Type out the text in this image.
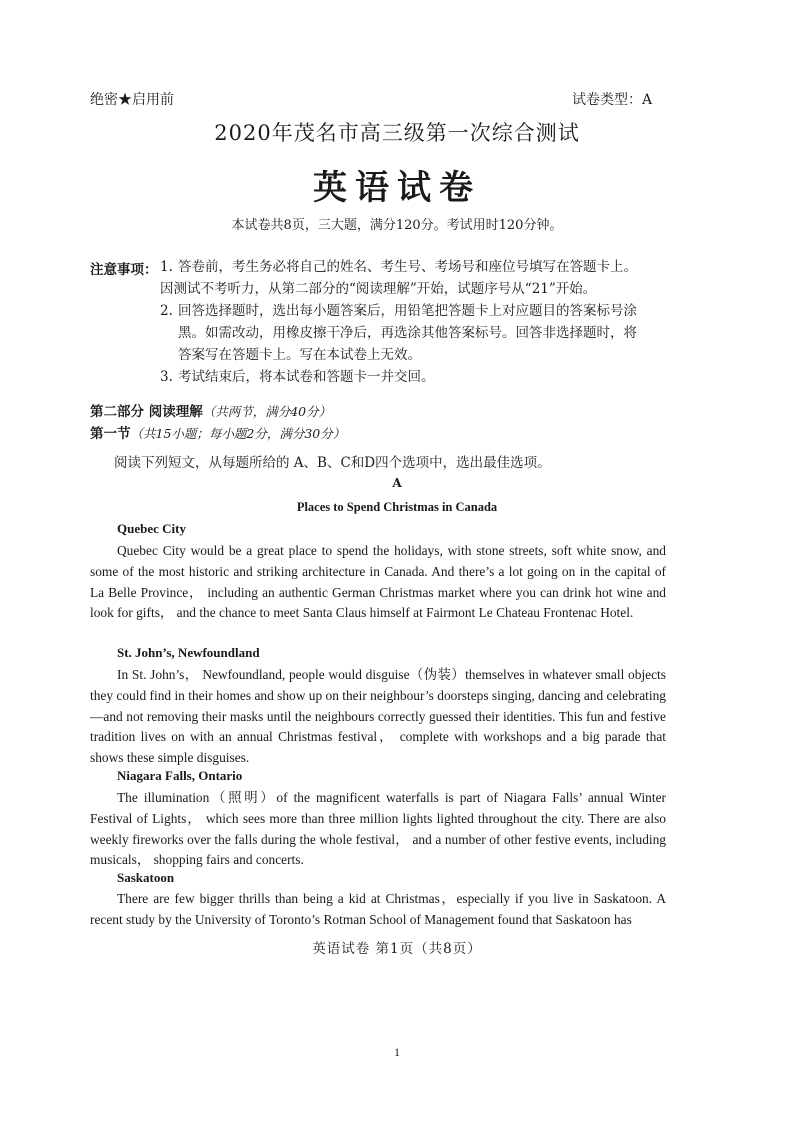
绝密★启用前	试卷类型：A
2020年茂名市高三级第一次综合测试
英语试卷
本试卷共8页，三大题，满分120分。考试用时120分钟。
注意事项： 1. 答卷前，考生务必将自己的姓名、考生号、考场号和座位号填写在答题卡上。
因测试不考听力，从第二部分的“阅读理解”开始，试题序号从“21”开始。
2. 回答选择题时，选出每小题答案后，用铅笔把答题卡上对应题目的答案标号涂
黑。如需改动，用橡皮擦干净后，再选涂其他答案标号。回答非选择题时，将
答案写在答题卡上。写在本试卷上无效。
3. 考试结束后，将本试卷和答题卡一并交回。
第二部分 阅读理解（共两节，满分40分）
第一节（共15小题；每小题2分，满分30分）
阅读下列短文，从每题所给的 A、B、C和D四个选项中，选出最佳选项。
A
Places to Spend Christmas in Canada
Quebec City

Quebec City would be a great place to spend the holidays, with stone streets, soft white snow, and some of the most historic and striking architecture in Canada. And there’s a lot going on in the capital of La Belle Province， including an authentic German Christmas market where you can drink hot wine and look for gifts， and the chance to meet Santa Claus himself at Fairmont Le Chateau Frontenac Hotel.

St. John’s, Newfoundland

In St. John’s， Newfoundland, people would disguise（伪装）themselves in whatever small objects they could find in their homes and show up on their neighbour’s doorsteps singing, dancing and celebrating—and not removing their masks until the neighbours correctly guessed their identities. This fun and festive tradition lives on with an annual Christmas festival， complete with workshops and a big parade that shows these simple disguises.

Niagara Falls, Ontario

The illumination（照明）of the magnificent waterfalls is part of Niagara Falls’ annual Winter Festival of Lights， which sees more than three million lights lighted throughout the city. There are also weekly fireworks over the falls during the whole festival， and a number of other festive events, including musicals， shopping fairs and concerts.

Saskatoon

There are few bigger thrills than being a kid at Christmas，especially if you live in Saskatoon. A recent study by the University of Toronto’s Rotman School of Management found that Saskatoon has

英语试卷 第1页（共8页）
1
